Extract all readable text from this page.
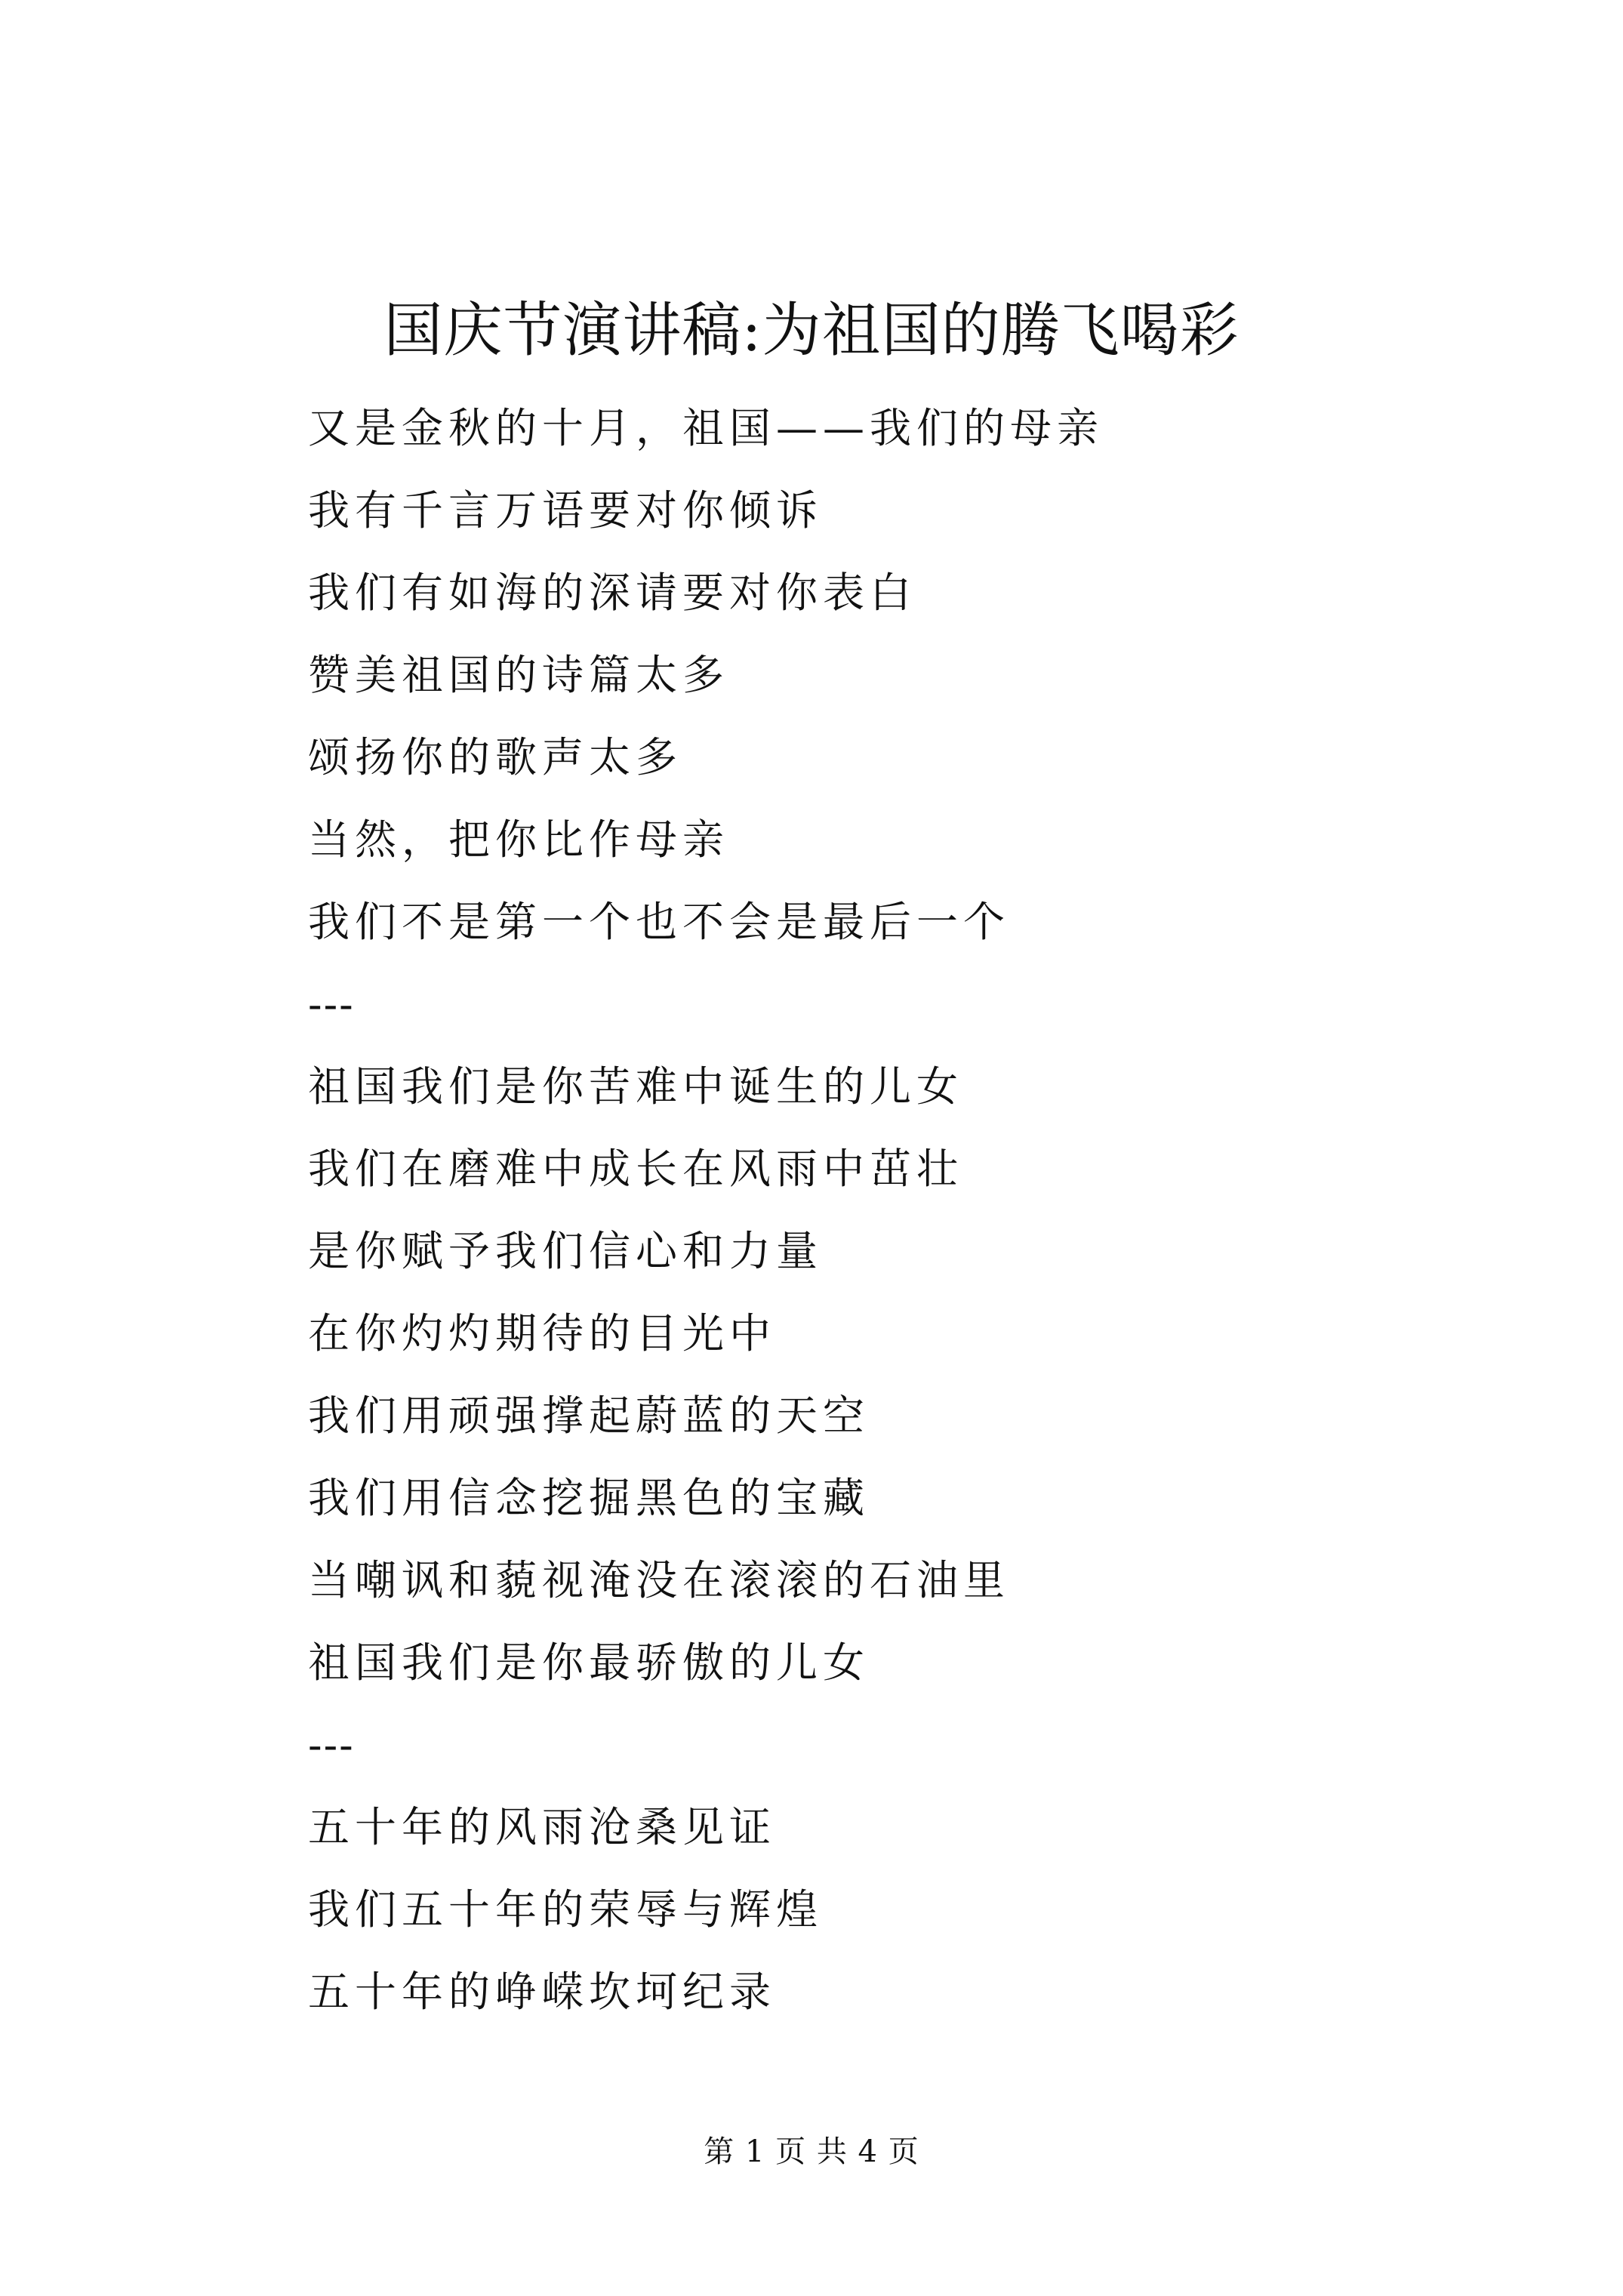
国庆节演讲稿:为祖国的腾飞喝彩
又是金秋的十月，祖国——我们的母亲
我有千言万语要对你倾诉
我们有如海的深请要对你表白
赞美祖国的诗篇太多
颂扬你的歌声太多
当然，把你比作母亲
我们不是第一个也不会是最后一个
---
祖国我们是你苦难中诞生的儿女
我们在磨难中成长在风雨中茁壮
是你赋予我们信心和力量
在你灼灼期待的目光中
我们用顽强撑起蔚蓝的天空
我们用信念挖掘黑色的宝藏
当嘲讽和藐视淹没在滚滚的石油里
祖国我们是你最骄傲的儿女
---
五十年的风雨沧桑见证
我们五十年的荣辱与辉煌
五十年的峥嵘坎坷纪录
第 1 页 共 4 页
